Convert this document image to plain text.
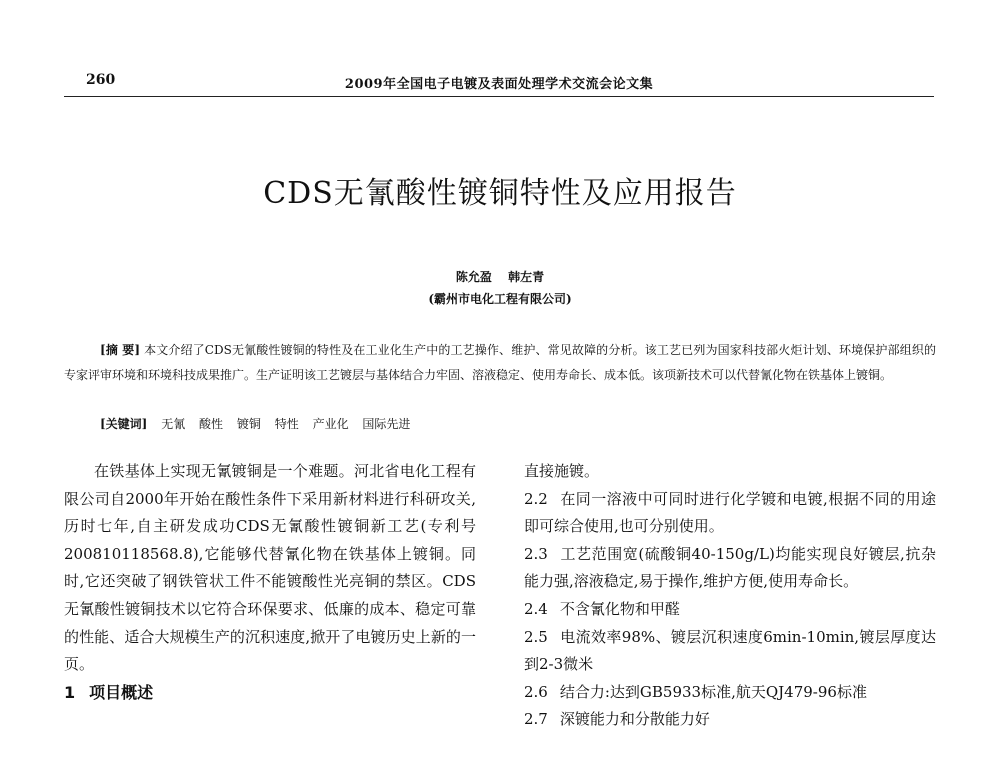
260	2009年全国电子电镀及表面处理学术交流会论文集
CDS无氰酸性镀铜特性及应用报告
陈允盈 韩左青
(霸州市电化工程有限公司)
[摘 要] 本文介绍了CDS无氰酸性镀铜的特性及在工业化生产中的工艺操作、维护、常见故障的分析。该工艺已列为国家科技部火炬计划、环境保护部组织的专家评审环境和环境科技成果推广。生产证明该工艺镀层与基体结合力牢固、溶液稳定、使用寿命长、成本低。该项新技术可以代替氰化物在铁基体上镀铜。
[关键词] 无氰 酸性 镀铜 特性 产业化 国际先进

在铁基体上实现无氰镀铜是一个难题。河北省电化工程有限公司自2000年开始在酸性条件下采用新材料进行科研攻关,历时七年,自主研发成功CDS无氰酸性镀铜新工艺(专利号200810118568.8),它能够代替氰化物在铁基体上镀铜。同时,它还突破了钢铁管状工件不能镀酸性光亮铜的禁区。CDS无氰酸性镀铜技术以它符合环保要求、低廉的成本、稳定可靠的性能、适合大规模生产的沉积速度,掀开了电镀历史上新的一页。

1 项目概述

直接施镀。

2.2 在同一溶液中可同时进行化学镀和电镀,根据不同的用途即可综合使用,也可分别使用。

2.3 工艺范围宽(硫酸铜40-150g/L)均能实现良好镀层,抗杂能力强,溶液稳定,易于操作,维护方便,使用寿命长。

2.4 不含氰化物和甲醛

2.5 电流效率98%、镀层沉积速度6min-10min,镀层厚度达到2-3微米

2.6 结合力:达到GB5933标准,航天QJ479-96标准

2.7 深镀能力和分散能力好
